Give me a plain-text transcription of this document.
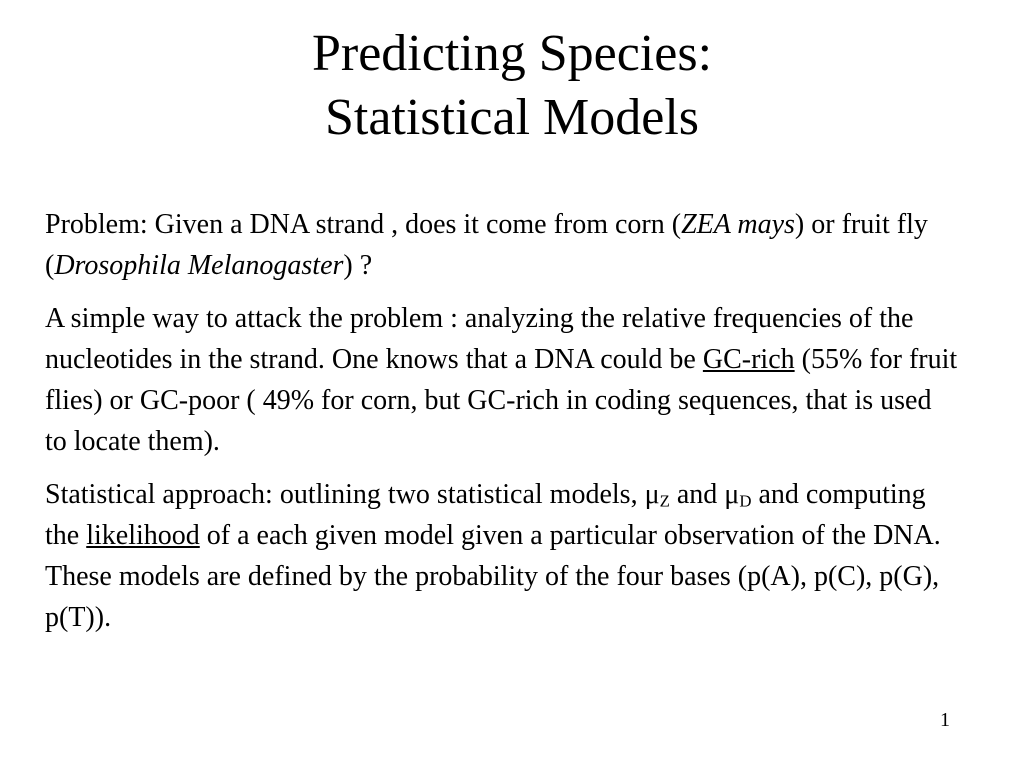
Predicting Species:
Statistical Models

Problem: Given a DNA strand , does it come from corn (ZEA mays) or fruit fly (Drosophila Melanogaster) ?

A simple way to attack the problem : analyzing the relative frequencies of the nucleotides in the strand. One knows that a DNA could be GC-rich (55% for fruit flies) or GC-poor ( 49% for corn, but GC-rich in coding sequences, that is used to locate them).

Statistical approach: outlining two statistical models, $\mu_Z$ and $\mu_D$ and computing the likelihood of a each given model given a particular observation of the DNA. These models are defined by the probability of the four bases (p(A), p(C), p(G), p(T)).

1
